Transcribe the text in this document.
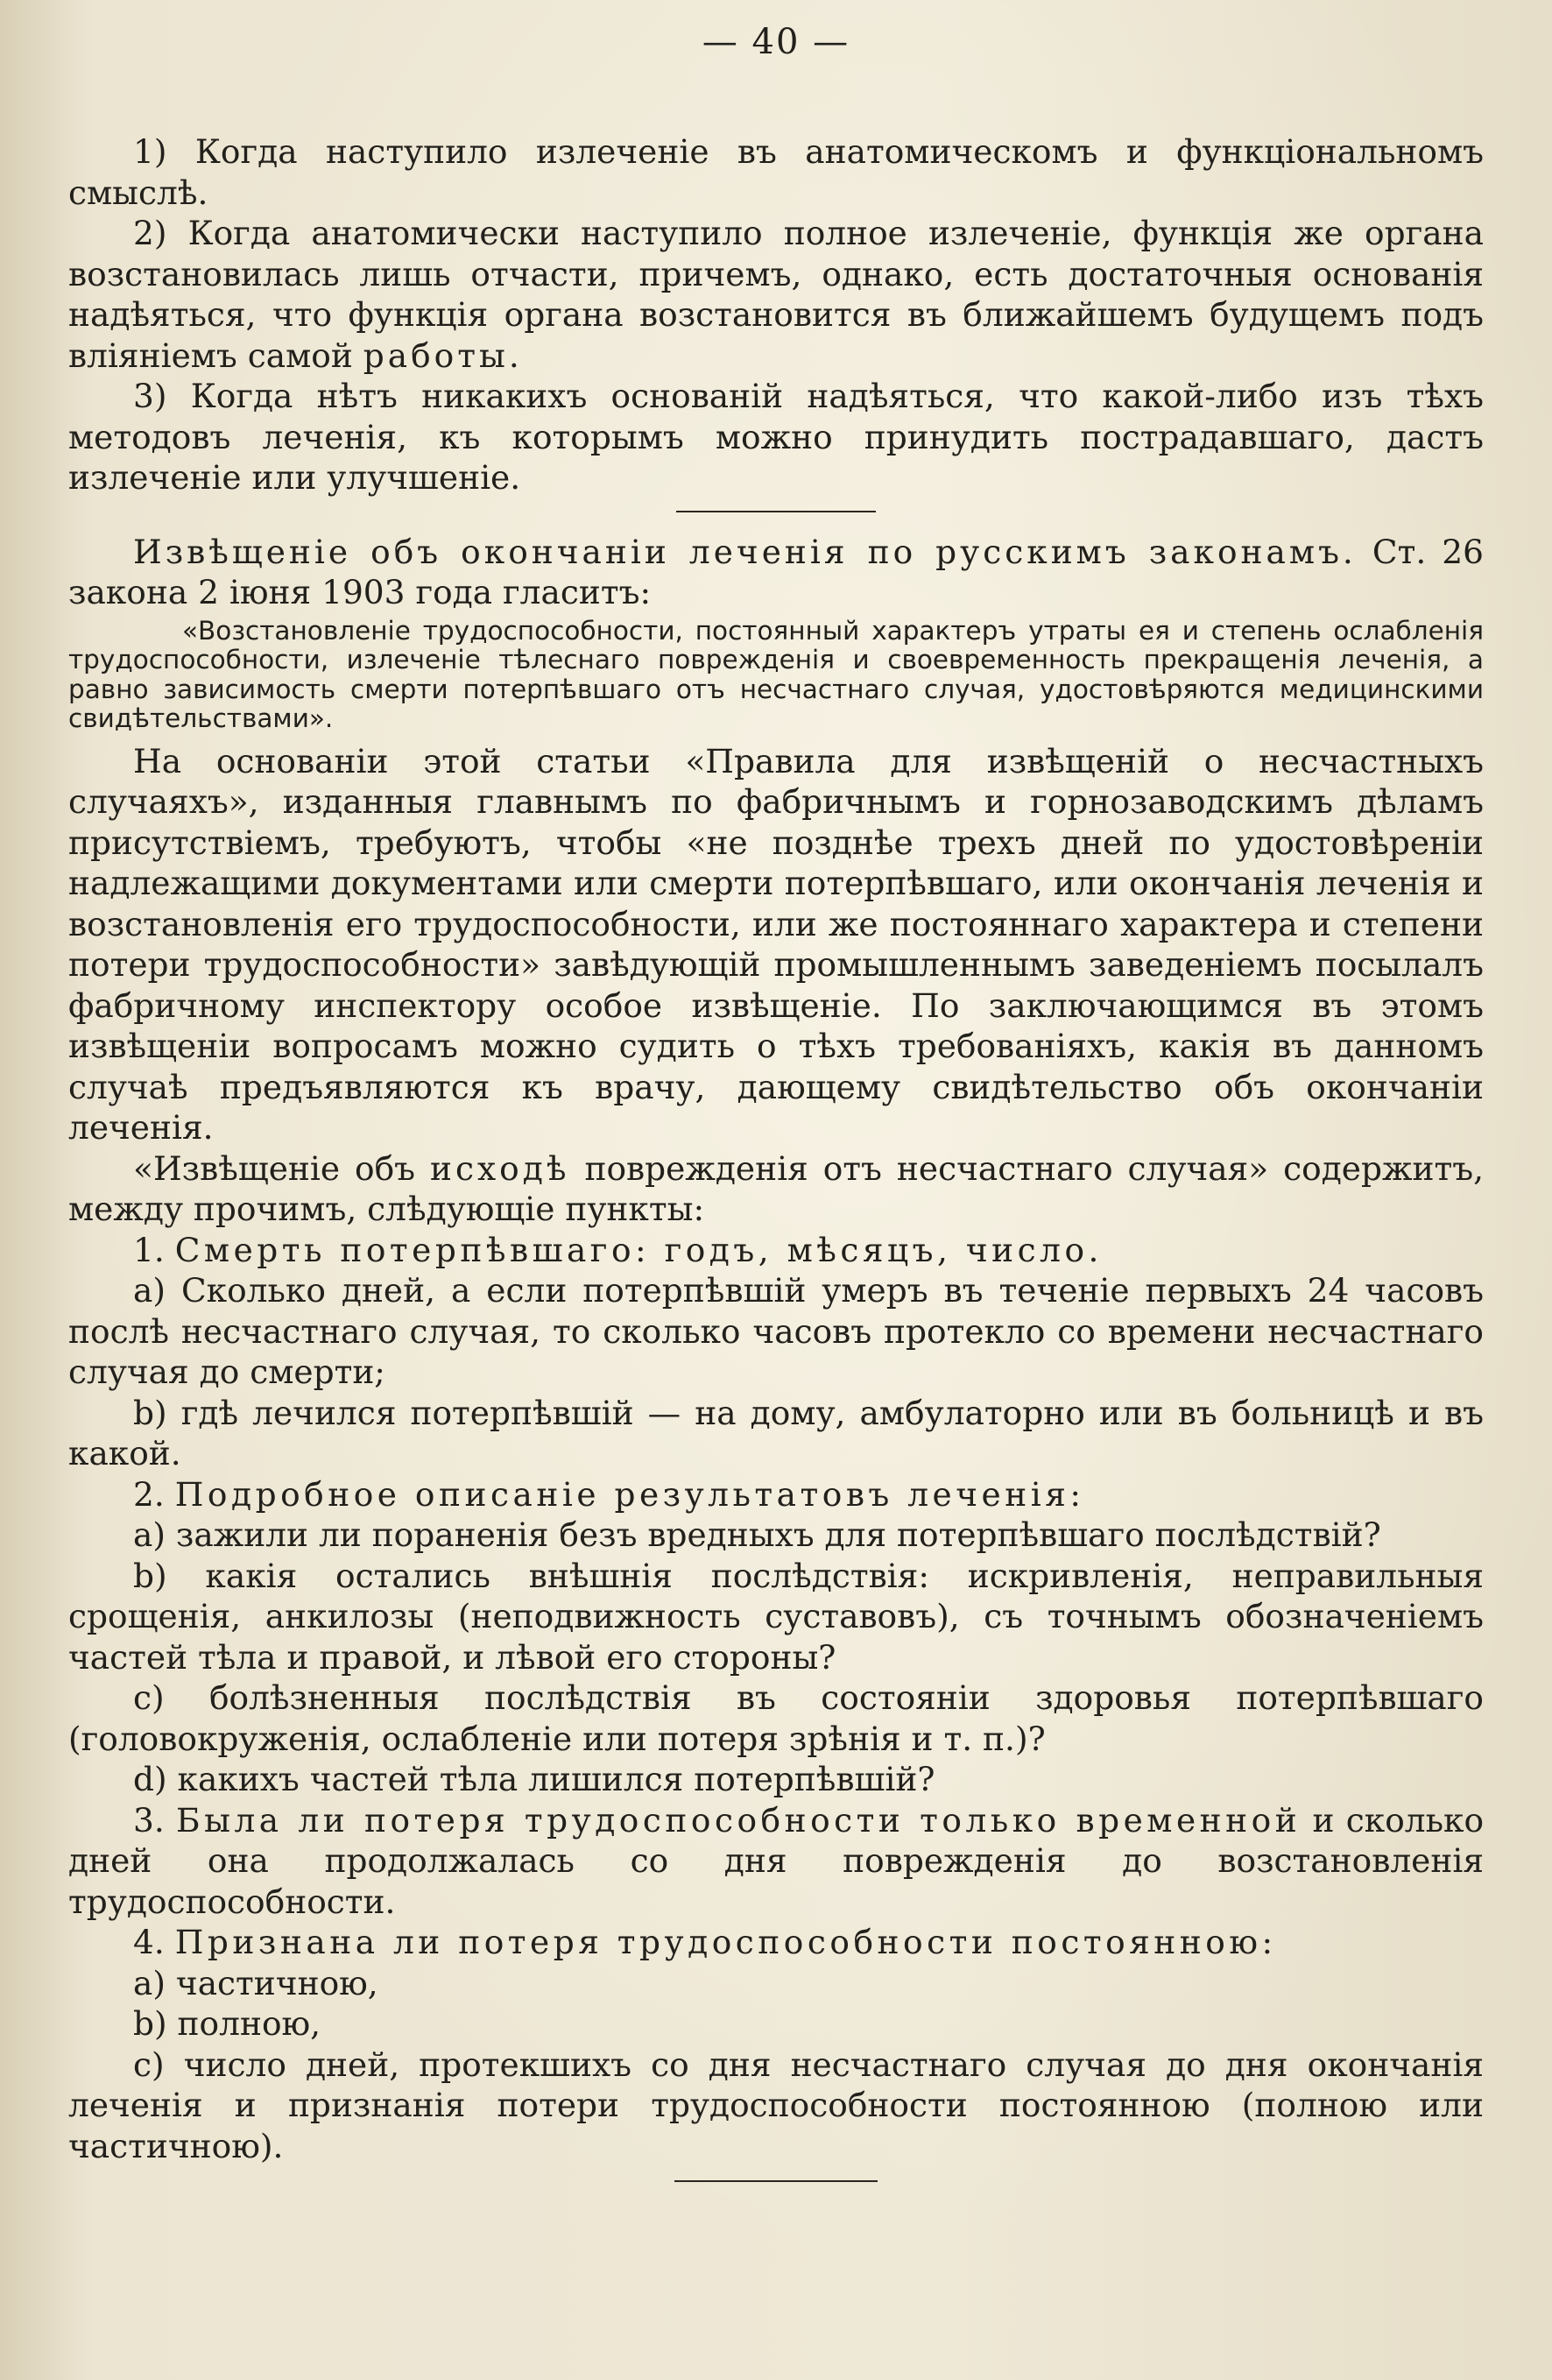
— 40 —

1) Когда наступило излеченіе въ анатомическомъ и функціональномъ смыслѣ.

2) Когда анатомически наступило полное излеченіе, функція же органа возстановилась лишь отчасти, причемъ, однако, есть достаточныя основанія надѣяться, что функція органа возстановится въ ближайшемъ будущемъ подъ вліяніемъ самой работы.

3) Когда нѣтъ никакихъ основаній надѣяться, что какой-либо изъ тѣхъ методовъ леченія, къ которымъ можно принудить пострадавшаго, дастъ излеченіе или улучшеніе.

Извѣщеніе объ окончаніи леченія по русскимъ законамъ. Ст. 26 закона 2 іюня 1903 года гласитъ:

«Возстановленіе трудоспособности, постоянный характеръ утраты ея и степень ослабленія трудоспособности, излеченіе тѣлеснаго поврежденія и своевременность прекращенія леченія, а равно зависимость смерти потерпѣвшаго отъ несчастнаго случая, удостовѣряются медицинскими свидѣтельствами».

На основаніи этой статьи «Правила для извѣщеній о несчастныхъ случаяхъ», изданныя главнымъ по фабричнымъ и горнозаводскимъ дѣламъ присутствіемъ, требуютъ, чтобы «не позднѣе трехъ дней по удостовѣреніи надлежащими документами или смерти потерпѣвшаго, или окончанія леченія и возстановленія его трудоспособности, или же постояннаго характера и степени потери трудоспособности» завѣдующій промышленнымъ заведеніемъ посылалъ фабричному инспектору особое извѣщеніе. По заключающимся въ этомъ извѣщеніи вопросамъ можно судить о тѣхъ требованіяхъ, какія въ данномъ случаѣ предъявляются къ врачу, дающему свидѣтельство объ окончаніи леченія.

«Извѣщеніе объ исходѣ поврежденія отъ несчастнаго случая» содержитъ, между прочимъ, слѣдующіе пункты:

1. Смерть потерпѣвшаго: годъ, мѣсяцъ, число.

a) Сколько дней, а если потерпѣвшій умеръ въ теченіе первыхъ 24 часовъ послѣ несчастнаго случая, то сколько часовъ протекло со времени несчастнаго случая до смерти;

b) гдѣ лечился потерпѣвшій — на дому, амбулаторно или въ больницѣ и въ какой.

2. Подробное описаніе результатовъ леченія:

a) зажили ли пораненія безъ вредныхъ для потерпѣвшаго послѣдствій?

b) какія остались внѣшнія послѣдствія: искривленія, неправильныя срощенія, анкилозы (неподвижность суставовъ), съ точнымъ обозначеніемъ частей тѣла и правой, и лѣвой его стороны?

c) болѣзненныя послѣдствія въ состояніи здоровья потерпѣвшаго (головокруженія, ослабленіе или потеря зрѣнія и т. п.)?

d) какихъ частей тѣла лишился потерпѣвшій?

3. Была ли потеря трудоспособности только временной и сколько дней она продолжалась со дня поврежденія до возстановленія трудоспособности.

4. Признана ли потеря трудоспособности постоянною:

a) частичною,

b) полною,

c) число дней, протекшихъ со дня несчастнаго случая до дня окончанія леченія и признанія потери трудоспособности постоянною (полною или частичною).
